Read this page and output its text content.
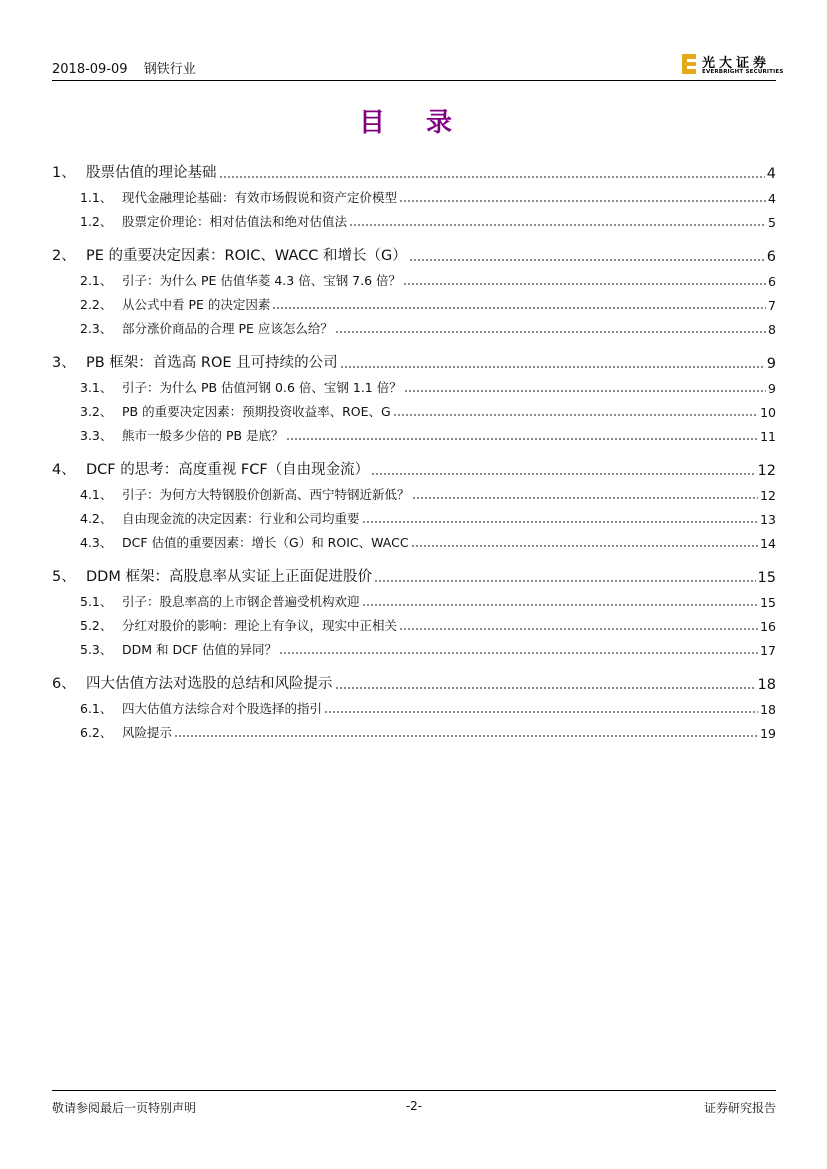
2018-09-09 钢铁行业	光大证券
EVERBRIGHT SECURITIES
目 录
1、 股票估值的理论基础	4
1.1、 现代金融理论基础：有效市场假说和资产定价模型	4
1.2、 股票定价理论：相对估值法和绝对估值法	5
2、 PE 的重要决定因素：ROIC、WACC 和增长（G）	6
2.1、 引子：为什么 PE 估值华菱 4.3 倍、宝钢 7.6 倍？	6
2.2、 从公式中看 PE 的决定因素	7
2.3、 部分涨价商品的合理 PE 应该怎么给？	8
3、 PB 框架：首选高 ROE 且可持续的公司	9
3.1、 引子：为什么 PB 估值河钢 0.6 倍、宝钢 1.1 倍？	9
3.2、 PB 的重要决定因素：预期投资收益率、ROE、G	10
3.3、 熊市一般多少倍的 PB 是底？	11
4、 DCF 的思考：高度重视 FCF（自由现金流）	12
4.1、 引子：为何方大特钢股价创新高、西宁特钢近新低？	12
4.2、 自由现金流的决定因素：行业和公司均重要	13
4.3、 DCF 估值的重要因素：增长（G）和 ROIC、WACC	14
5、 DDM 框架：高股息率从实证上正面促进股价	15
5.1、 引子：股息率高的上市钢企普遍受机构欢迎	15
5.2、 分红对股价的影响：理论上有争议，现实中正相关	16
5.3、 DDM 和 DCF 估值的异同？	17
6、 四大估值方法对选股的总结和风险提示	18
6.1、 四大估值方法综合对个股选择的指引	18
6.2、 风险提示	19
敬请参阅最后一页特别声明	-2-	证券研究报告
